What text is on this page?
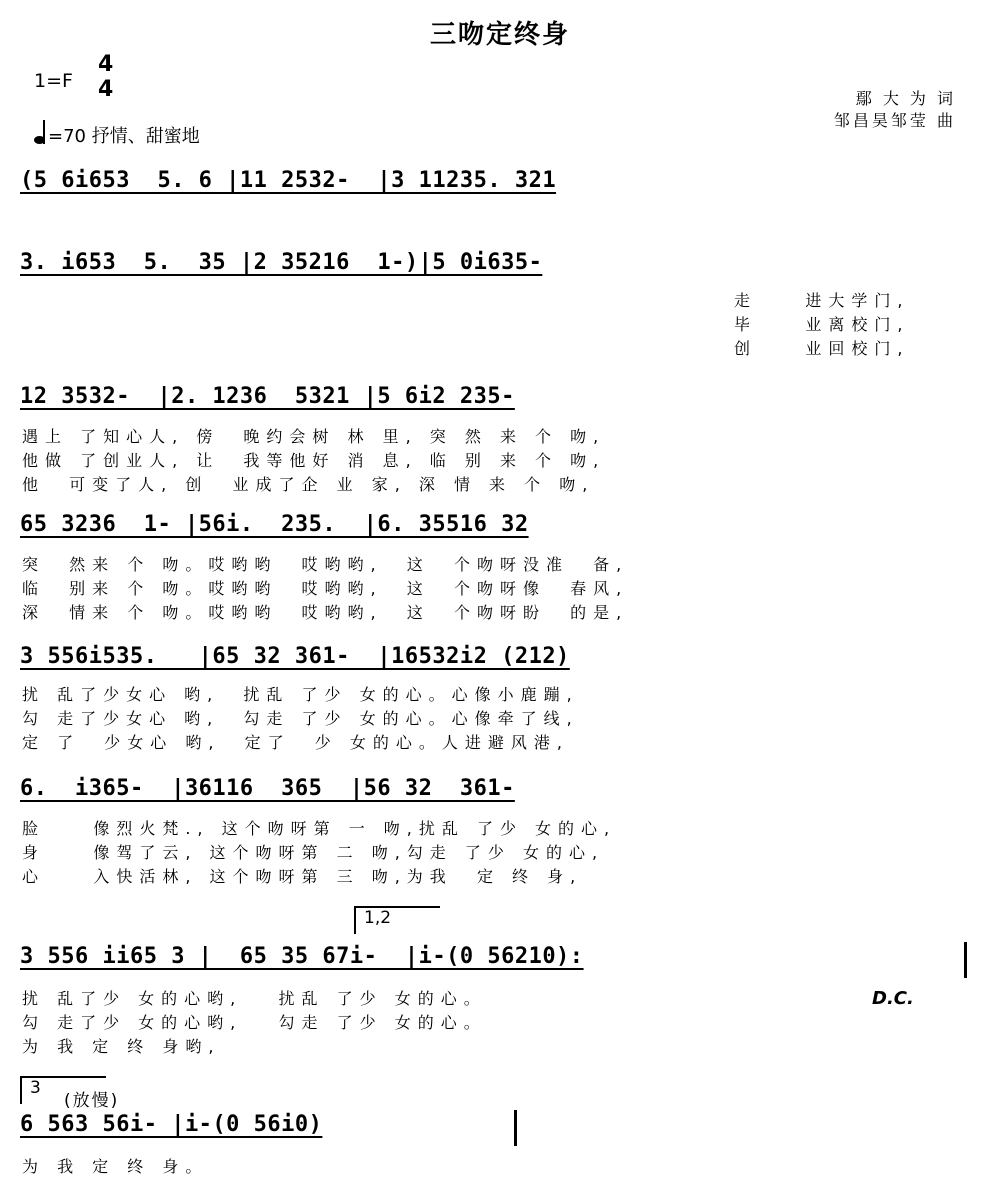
三吻定终身
1=F
4
4
=70 抒情、甜蜜地
鄢 大 为 词
邹昌昊邹莹 曲
(5 6i653  5. 6 |11 2532-  |3 11235. 321
3. i653  5.  35 |2 35216  1-)|5 0i635-
走    进大学门,
毕    业离校门,
创    业回校门,
12 3532-  |2. 1236  5321 |5 6i2 235-
遇上 了知心人, 傍  晚约会树 林 里, 突 然 来 个 吻,
他做 了创业人, 让  我等他好 消 息, 临 别 来 个 吻,
他  可变了人, 创  业成了企 业 家, 深 情 来 个 吻,
65 3236  1- |56i.  235.  |6. 35516 32
突  然来 个 吻。哎哟哟  哎哟哟,  这  个吻呀没准  备,
临  别来 个 吻。哎哟哟  哎哟哟,  这  个吻呀像  春风,
深  情来 个 吻。哎哟哟  哎哟哟,  这  个吻呀盼  的是,
3 556i535.   |65 32 361-  |16532i2 (212)
扰 乱了少女心 哟,  扰乱 了少 女的心。心像小鹿蹦,
勾 走了少女心 哟,  勾走 了少 女的心。心像牵了线,
定 了  少女心 哟,  定了  少 女的心。人进避风港,
6.  i365-  |36116  365  |56 32  361-
脸    像烈火梵., 这个吻呀第 一 吻,扰乱 了少 女的心,
身    像驾了云, 这个吻呀第 二 吻,勾走 了少 女的心,
心    入快活林, 这个吻呀第 三 吻,为我  定 终 身,
1,2
3 556 ii65 3 |  65 35 67i-  |i-(0 56210):
扰 乱了少 女的心哟,   扰乱 了少 女的心。
勾 走了少 女的心哟,   勾走 了少 女的心。
为 我 定 终 身哟,
D.C.
3
(放慢)
6 563 56i- |i-(0 56i0)
为 我 定 终 身。
